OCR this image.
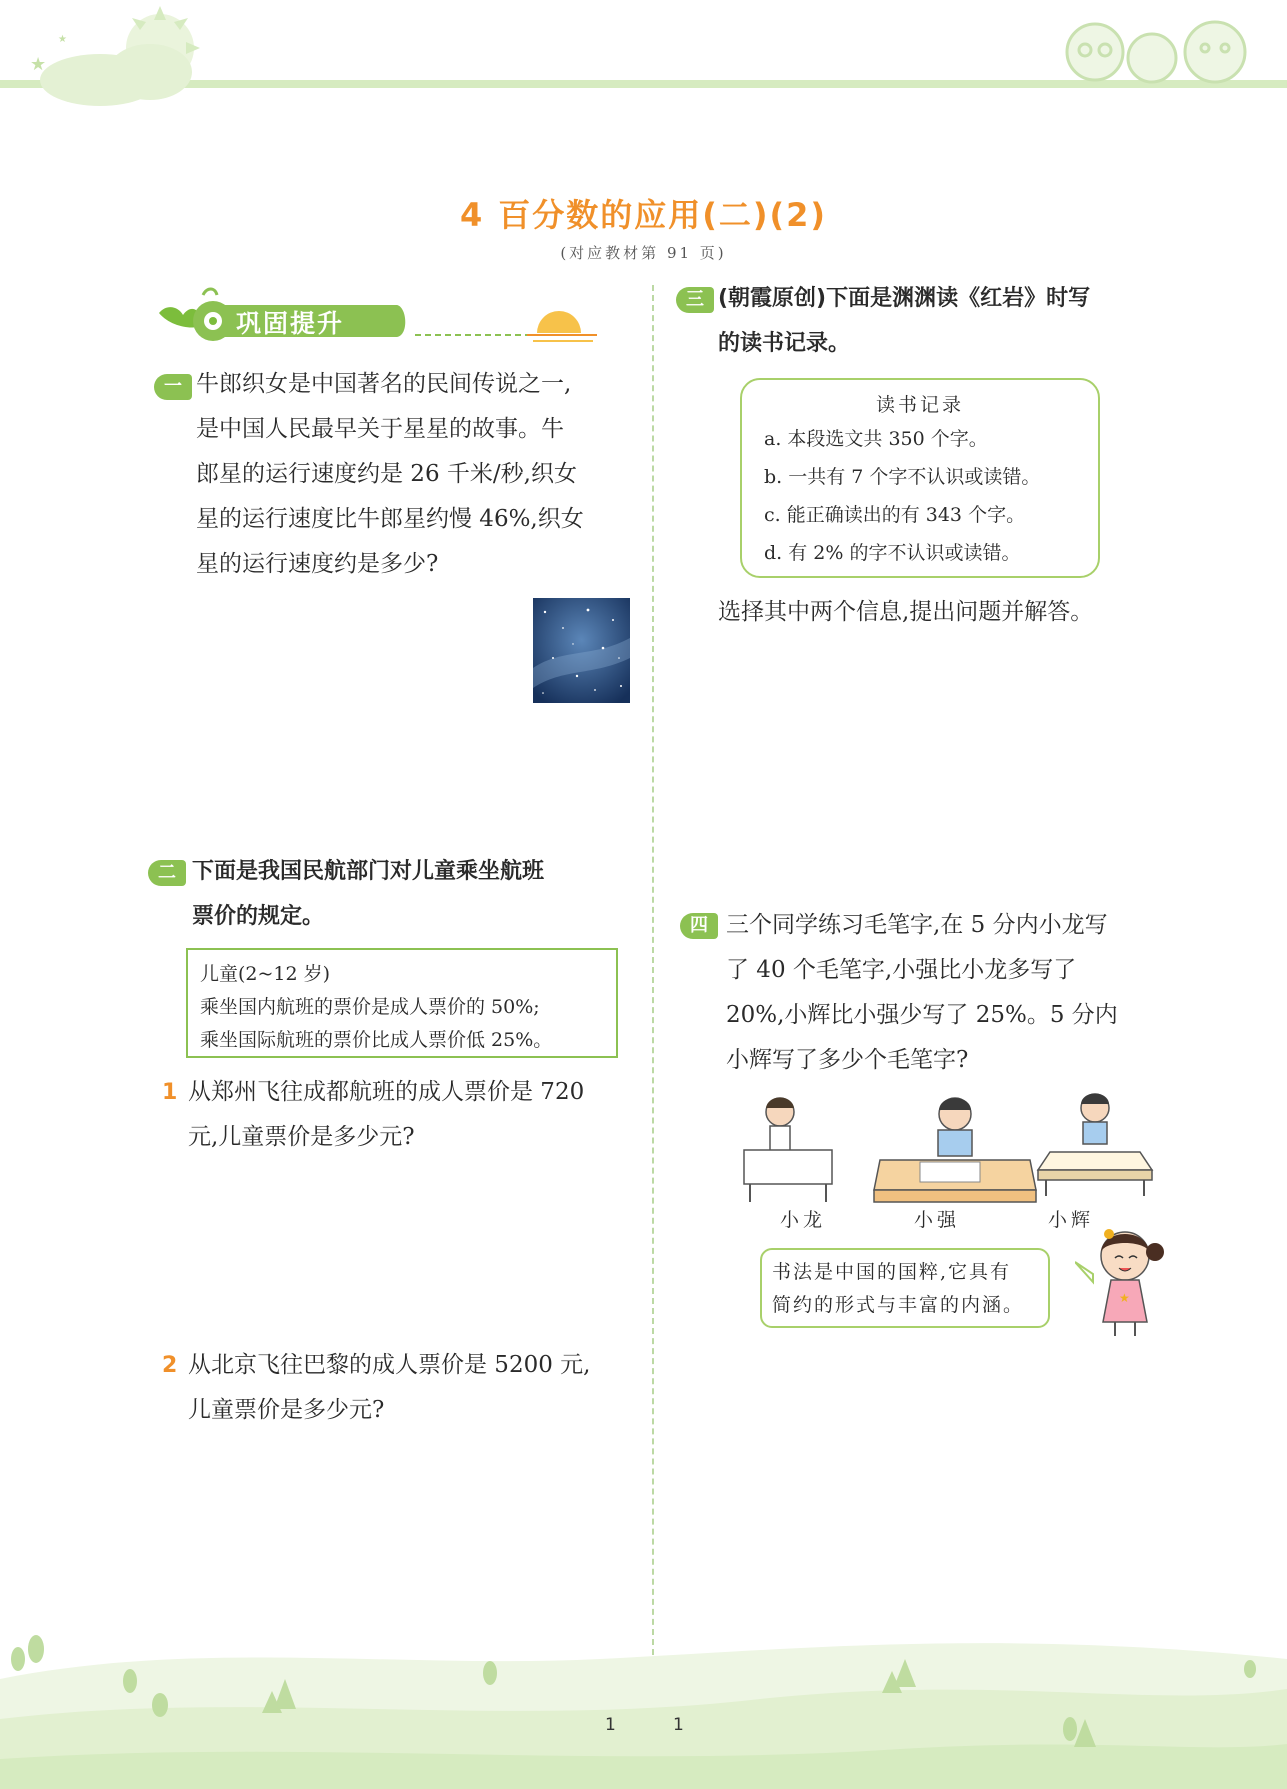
★
★
4 百分数的应用(二)(2)
(对应教材第 91 页)
巩固提升
一 牛郎织女是中国著名的民间传说之一,
是中国人民最早关于星星的故事。牛
郎星的运行速度约是 26 千米/秒,织女
星的运行速度比牛郎星约慢 46%,织女
星的运行速度约是多少?
二 下面是我国民航部门对儿童乘坐航班
票价的规定。
儿童(2~12 岁)
乘坐国内航班的票价是成人票价的 50%;
乘坐国际航班的票价比成人票价低 25%。
1 从郑州飞往成都航班的成人票价是 720
元,儿童票价是多少元?
2 从北京飞往巴黎的成人票价是 5200 元,
儿童票价是多少元?
三 (朝霞原创)下面是渊渊读《红岩》时写
的读书记录。
读书记录
a. 本段选文共 350 个字。
b. 一共有 7 个字不认识或读错。
c. 能正确读出的有 343 个字。
d. 有 2% 的字不认识或读错。
选择其中两个信息,提出问题并解答。
四 三个同学练习毛笔字,在 5 分内小龙写
了 40 个毛笔字,小强比小龙多写了
20%,小辉比小强少写了 25%。5 分内
小辉写了多少个毛笔字?
小龙	小强	小辉
书法是中国的国粹,它具有
简约的形式与丰富的内涵。	★
1	1
